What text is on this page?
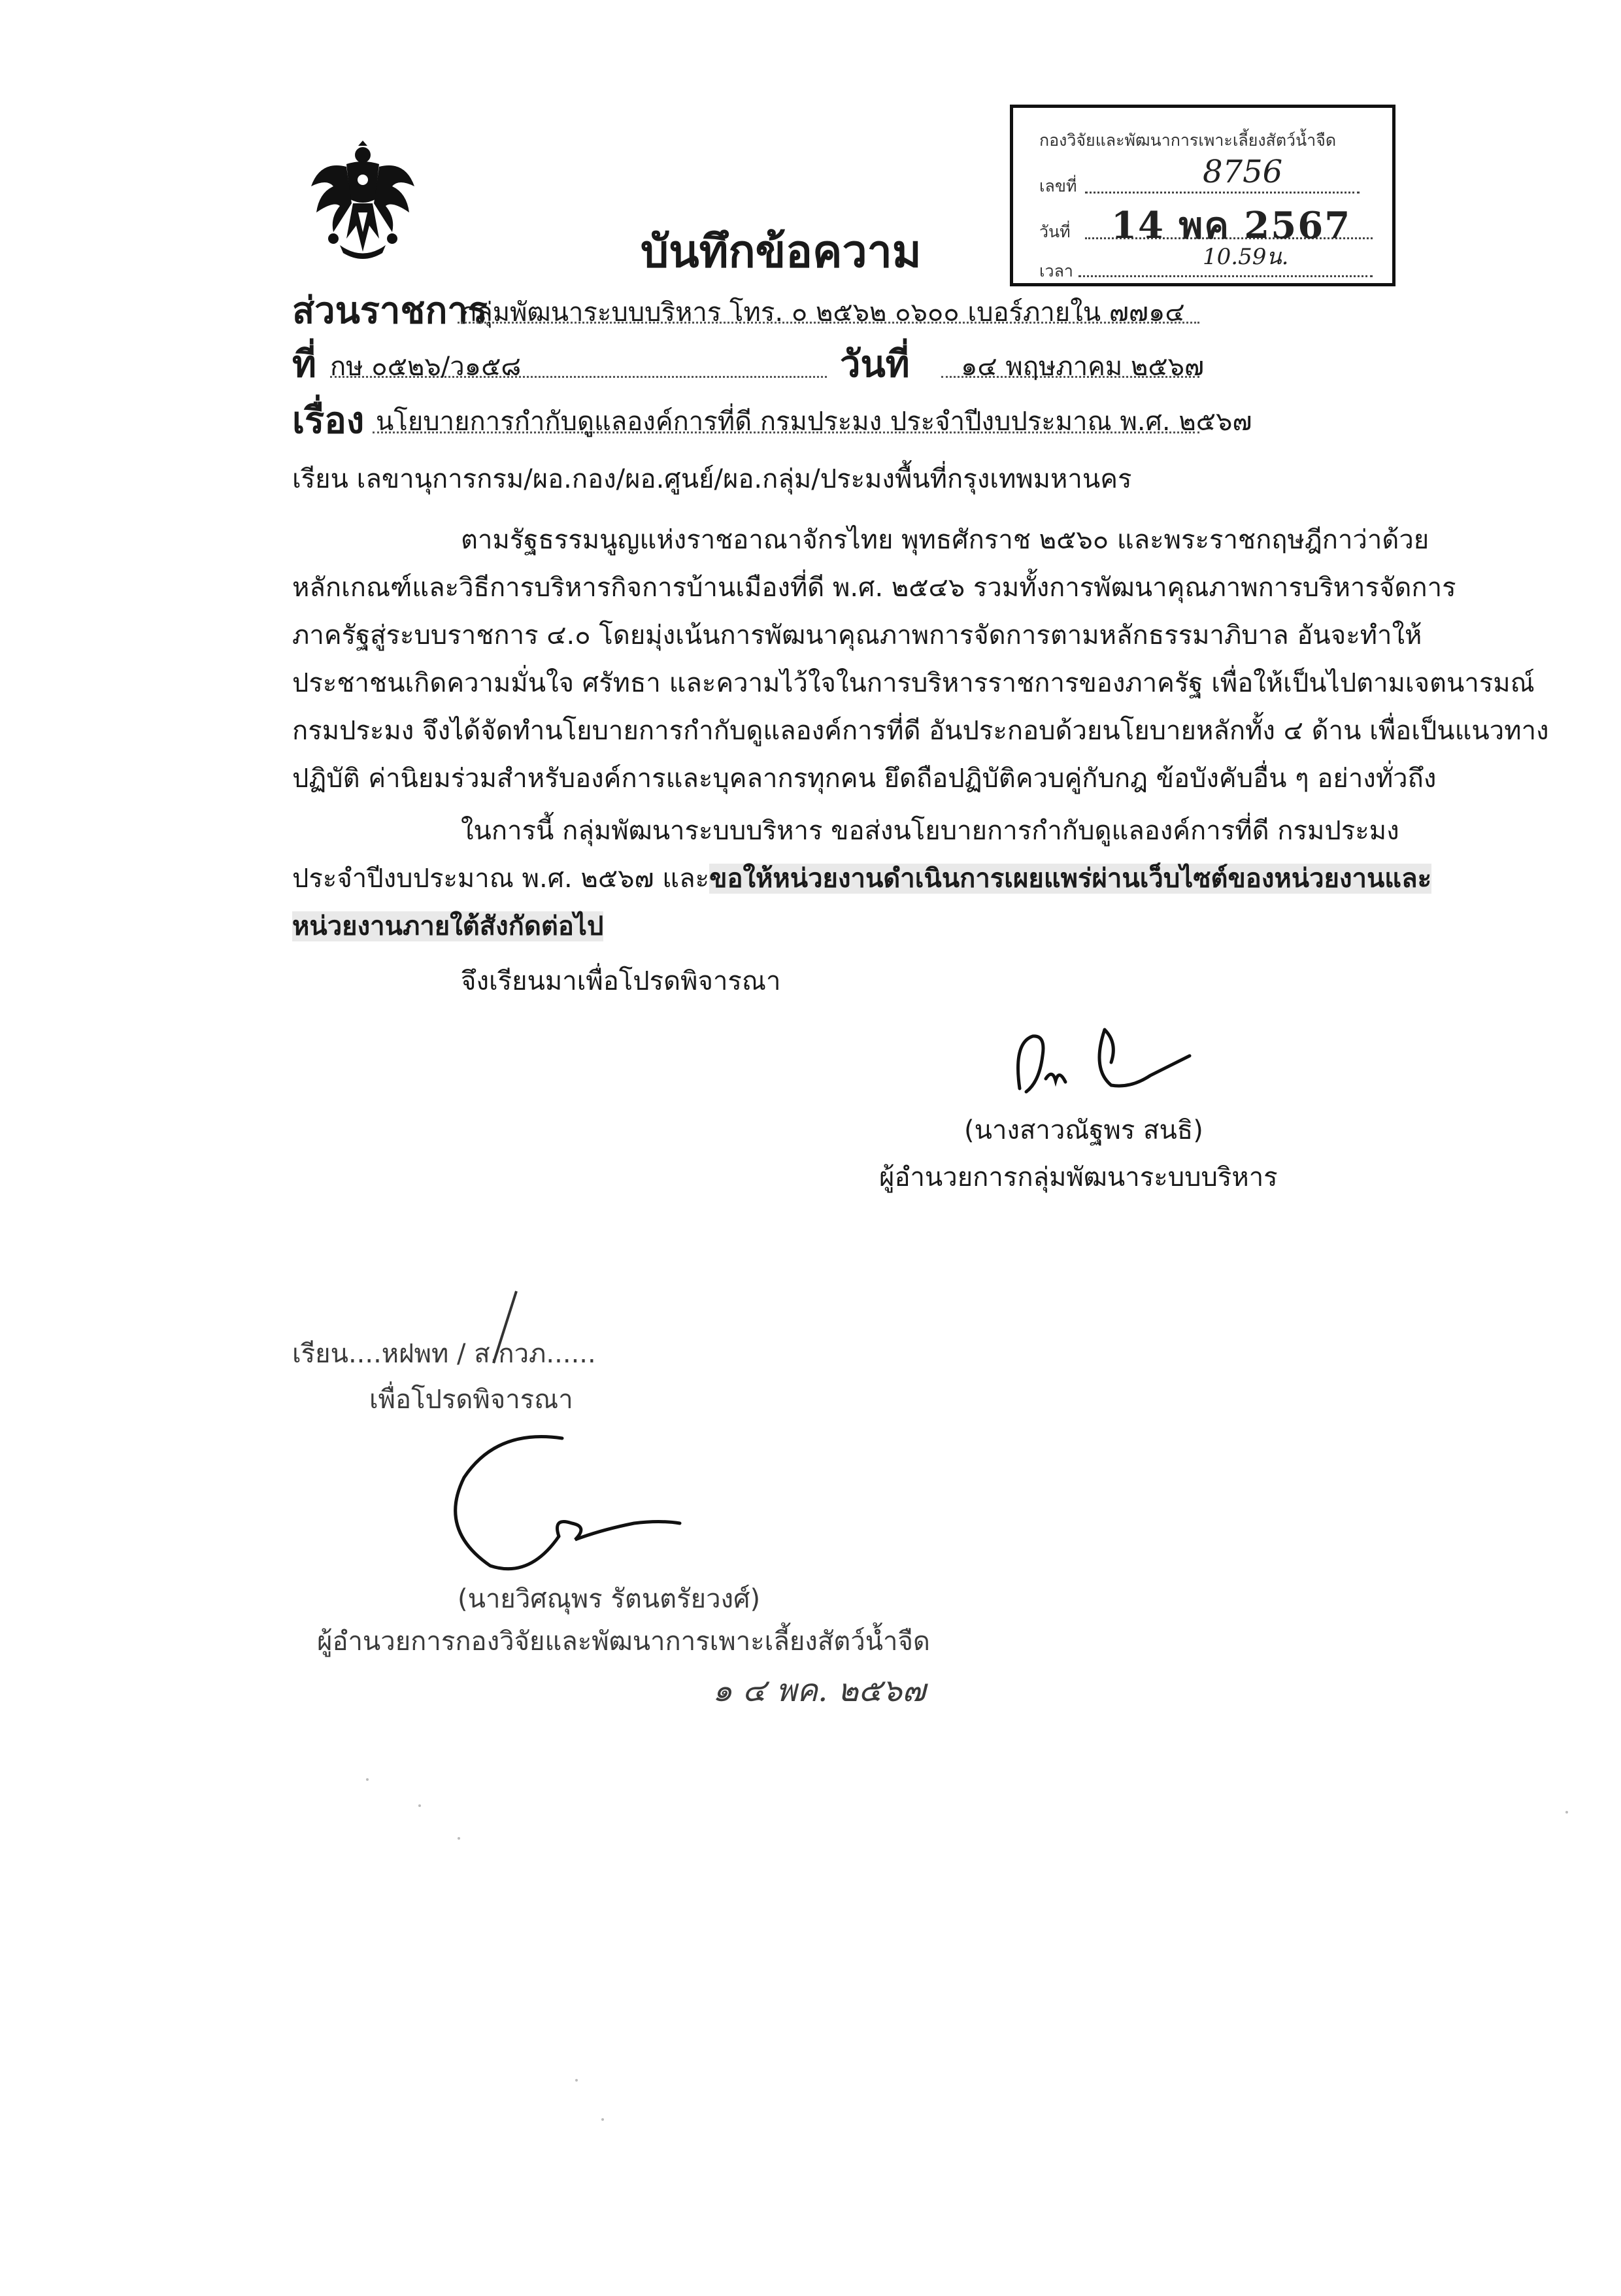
บันทึกข้อความ
กองวิจัยและพัฒนาการเพาะเลี้ยงสัตว์น้ำจืด
เลขที่	8756
วันที่ 14 พค 2567
เวลา
10.59น.
ส่วนราชการ
กลุ่มพัฒนาระบบบริหาร โทร. ๐ ๒๕๖๒ ๐๖๐๐ เบอร์ภายใน ๗๗๑๔
ที่ กษ ๐๕๒๖/ว๑๕๘	วันที่ ๑๔ พฤษภาคม ๒๕๖๗
เรื่อง นโยบายการกำกับดูแลองค์การที่ดี กรมประมง ประจำปีงบประมาณ พ.ศ. ๒๕๖๗
เรียน เลขานุการกรม/ผอ.กอง/ผอ.ศูนย์/ผอ.กลุ่ม/ประมงพื้นที่กรุงเทพมหานคร
ตามรัฐธรรมนูญแห่งราชอาณาจักรไทย พุทธศักราช ๒๕๖๐ และพระราชกฤษฎีกาว่าด้วย
หลักเกณฑ์และวิธีการบริหารกิจการบ้านเมืองที่ดี พ.ศ. ๒๕๔๖ รวมทั้งการพัฒนาคุณภาพการบริหารจัดการ
ภาครัฐสู่ระบบราชการ ๔.๐ โดยมุ่งเน้นการพัฒนาคุณภาพการจัดการตามหลักธรรมาภิบาล อันจะทำให้
ประชาชนเกิดความมั่นใจ ศรัทธา และความไว้ใจในการบริหารราชการของภาครัฐ เพื่อให้เป็นไปตามเจตนารมณ์
กรมประมง จึงได้จัดทำนโยบายการกำกับดูแลองค์การที่ดี อันประกอบด้วยนโยบายหลักทั้ง ๔ ด้าน เพื่อเป็นแนวทาง
ปฏิบัติ ค่านิยมร่วมสำหรับองค์การและบุคลากรทุกคน ยึดถือปฏิบัติควบคู่กับกฎ ข้อบังคับอื่น ๆ อย่างทั่วถึง
ในการนี้ กลุ่มพัฒนาระบบบริหาร ขอส่งนโยบายการกำกับดูแลองค์การที่ดี กรมประมง
ประจำปีงบประมาณ พ.ศ. ๒๕๖๗ และขอให้หน่วยงานดำเนินการเผยแพร่ผ่านเว็บไซต์ของหน่วยงานและ
หน่วยงานภายใต้สังกัดต่อไป
จึงเรียนมาเพื่อโปรดพิจารณา
(นางสาวณัฐพร สนธิ)
ผู้อำนวยการกลุ่มพัฒนาระบบบริหาร
เรียน....หฝพท / ส.กวภ......
เพื่อโปรดพิจารณา
(นายวิศณุพร รัตนตรัยวงศ์)
ผู้อำนวยการกองวิจัยและพัฒนาการเพาะเลี้ยงสัตว์น้ำจืด
๑ ๔ พค. ๒๕๖๗
